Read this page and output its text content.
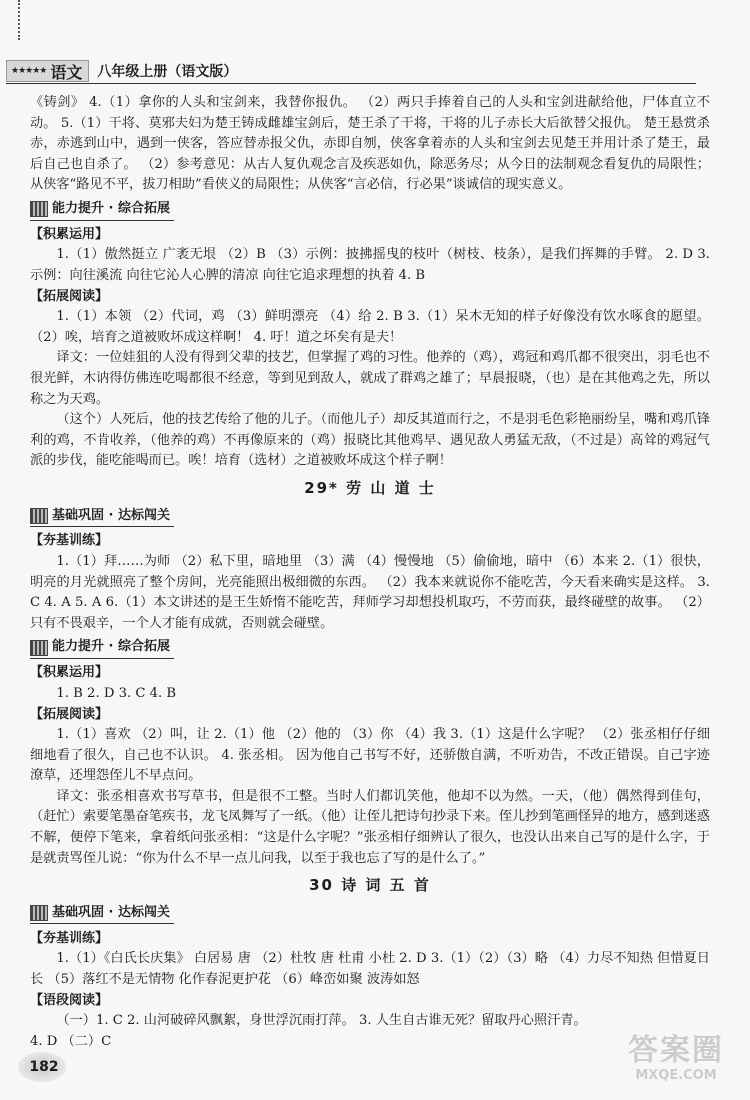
★★★★★ 语文 八年级上册（语文版）

《铸剑》 4.（1）拿你的人头和宝剑来，我替你报仇。 （2）两只手捧着自己的人头和宝剑进献给他，尸体直立不动。 5.（1）干将、莫邪夫妇为楚王铸成雌雄宝剑后，楚王杀了干将，干将的儿子赤长大后欲替父报仇。 楚王悬赏杀赤，赤逃到山中，遇到一侠客，答应替赤报父仇，赤即自刎，侠客拿着赤的人头和宝剑去见楚王并用计杀了楚王，最后自己也自杀了。 （2）参考意见：从古人复仇观念言及疾恶如仇，除恶务尽；从今日的法制观念看复仇的局限性；从侠客“路见不平，拔刀相助”看侠义的局限性；从侠客“言必信，行必果”谈诚信的现实意义。

能力提升 · 综合拓展

【积累运用】

1.（1）傲然挺立 广袤无垠 （2）B （3）示例：披拂摇曳的枝叶（树枝、枝条），是我们挥舞的手臂。 2. D 3. 示例：向往溪流 向往它沁人心脾的清凉 向往它追求理想的执着 4. B

【拓展阅读】

1.（1）本领 （2）代词，鸡 （3）鲜明漂亮 （4）给 2. B 3.（1）呆木无知的样子好像没有饮水啄食的愿望。 （2）唉，培育之道被败坏成这样啊！ 4. 吁！道之坏矣有是夫！

译文：一位娃狙的人没有得到父辈的技艺，但掌握了鸡的习性。他养的（鸡），鸡冠和鸡爪都不很突出，羽毛也不很光鲜，木讷得仿佛连吃喝都很不经意，等到见到敌人，就成了群鸡之雄了；早晨报晓，（也）是在其他鸡之先，所以称之为天鸡。

（这个）人死后，他的技艺传给了他的儿子。（而他儿子）却反其道而行之，不是羽毛色彩艳丽纷呈，嘴和鸡爪锋利的鸡，不肯收养，（他养的鸡）不再像原来的（鸡）报晓比其他鸡早、遇见敌人勇猛无敌，（不过是）高耸的鸡冠气派的步伐，能吃能喝而已。唉！培育（选材）之道被败坏成这个样子啊！

29* 劳 山 道 士

基础巩固 · 达标闯关

【夯基训练】

1.（1）拜……为师 （2）私下里，暗地里 （3）满 （4）慢慢地 （5）偷偷地，暗中 （6）本来 2.（1）很快，明亮的月光就照亮了整个房间，光亮能照出极细微的东西。 （2）我本来就说你不能吃苦，今天看来确实是这样。 3. C 4. A 5. A 6.（1）本文讲述的是王生娇惰不能吃苦，拜师学习却想投机取巧，不劳而获，最终碰壁的故事。 （2）只有不畏艰辛，一个人才能有成就，否则就会碰壁。

能力提升 · 综合拓展

【积累运用】

1. B 2. D 3. C 4. B

【拓展阅读】

1.（1）喜欢 （2）叫，让 2.（1）他 （2）他的 （3）你 （4）我 3.（1）这是什么字呢？ （2）张丞相仔仔细细地看了很久，自己也不认识。 4. 张丞相。 因为他自己书写不好，还骄傲自满，不听劝告，不改正错误。自己字迹潦草，还埋怨侄儿不早点问。

译文：张丞相喜欢书写草书，但是很不工整。当时人们都讥笑他，他却不以为然。一天，（他）偶然得到佳句，（赶忙）索要笔墨奋笔疾书，龙飞凤舞写了一纸。（他）让侄儿把诗句抄录下来。侄儿抄到笔画怪异的地方，感到迷惑不解，便停下笔来，拿着纸问张丞相：“这是什么字呢？”张丞相仔细辨认了很久，也没认出来自己写的是什么字，于是就责骂侄儿说：“你为什么不早一点儿问我，以至于我也忘了写的是什么了。”

30 诗 词 五 首

基础巩固 · 达标闯关

【夯基训练】

1.（1）《白氏长庆集》 白居易 唐 （2）杜牧 唐 杜甫 小杜 2. D 3.（1）（2）（3）略 （4）力尽不知热 但惜夏日长 （5）落红不是无情物 化作春泥更护花 （6）峰峦如聚 波涛如怒

【语段阅读】

（一）1. C 2. 山河破碎风飘絮，身世浮沉雨打萍。 3. 人生自古谁无死？留取丹心照汗青。

4. D （二）C

182	答案圈
MXQE.COM
